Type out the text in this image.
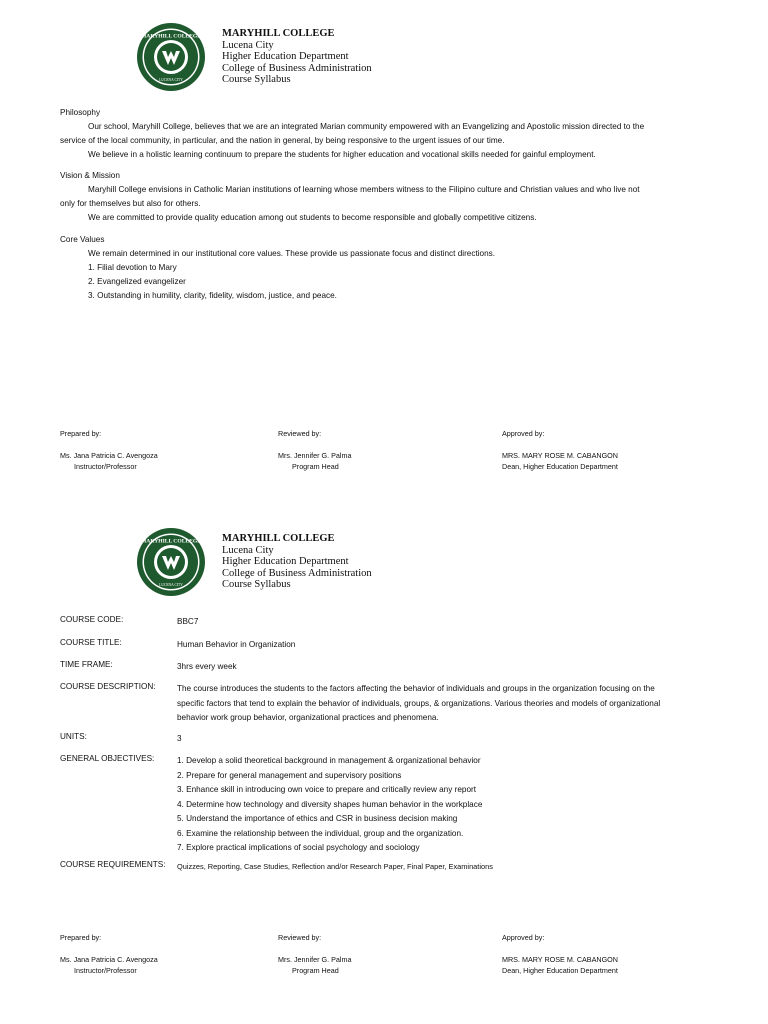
MARYHILL COLLEGE
LUCENA CITY
MARYHILL COLLEGE
Lucena City
Higher Education Department
College of Business Administration
Course Syllabus
Philosophy
Our school, Maryhill College, believes that we are an integrated Marian community empowered with an Evangelizing and Apostolic mission directed to the
service of the local community, in particular, and the nation in general, by being responsive to the urgent issues of our time.
We believe in a holistic learning continuum to prepare the students for higher education and vocational skills needed for gainful employment.
Vision & Mission
Maryhill College envisions in Catholic Marian institutions of learning whose members witness to the Filipino culture and Christian values and who live not
only for themselves but also for others.
We are committed to provide quality education among out students to become responsible and globally competitive citizens.
Core Values
We remain determined in our institutional core values. These provide us passionate focus and distinct directions.
1. Filial devotion to Mary
2. Evangelized evangelizer
3. Outstanding in humility, clarity, fidelity, wisdom, justice, and peace.
Prepared by:
Ms. Jana Patricia C. Avengoza
Instructor/Professor
Reviewed by:
Mrs. Jennifer G. Palma
Program Head
Approved by:
MRS. MARY ROSE M. CABANGON
Dean, Higher Education Department
MARYHILL COLLEGE
LUCENA CITY
MARYHILL COLLEGE
Lucena City
Higher Education Department
College of Business Administration
Course Syllabus
COURSE CODE:	BBC7
COURSE TITLE:	Human Behavior in Organization
TIME FRAME:	3hrs every week
COURSE DESCRIPTION:	The course introduces the students to the factors affecting the behavior of individuals and groups in the organization focusing on the
specific factors that tend to explain the behavior of individuals, groups, & organizations. Various theories and models of organizational
behavior work group behavior, organizational practices and phenomena.
UNITS:	3
GENERAL OBJECTIVES:	1. Develop a solid theoretical background in management & organizational behavior
2. Prepare for general management and supervisory positions
3. Enhance skill in introducing own voice to prepare and critically review any report
4. Determine how technology and diversity shapes human behavior in the workplace
5. Understand the importance of ethics and CSR in business decision making
6. Examine the relationship between the individual, group and the organization.
7. Explore practical implications of social psychology and sociology
COURSE REQUIREMENTS:	Quizzes, Reporting, Case Studies, Reflection and/or Research Paper, Final Paper, Examinations
Prepared by:
Ms. Jana Patricia C. Avengoza
Instructor/Professor
Reviewed by:
Mrs. Jennifer G. Palma
Program Head
Approved by:
MRS. MARY ROSE M. CABANGON
Dean, Higher Education Department
